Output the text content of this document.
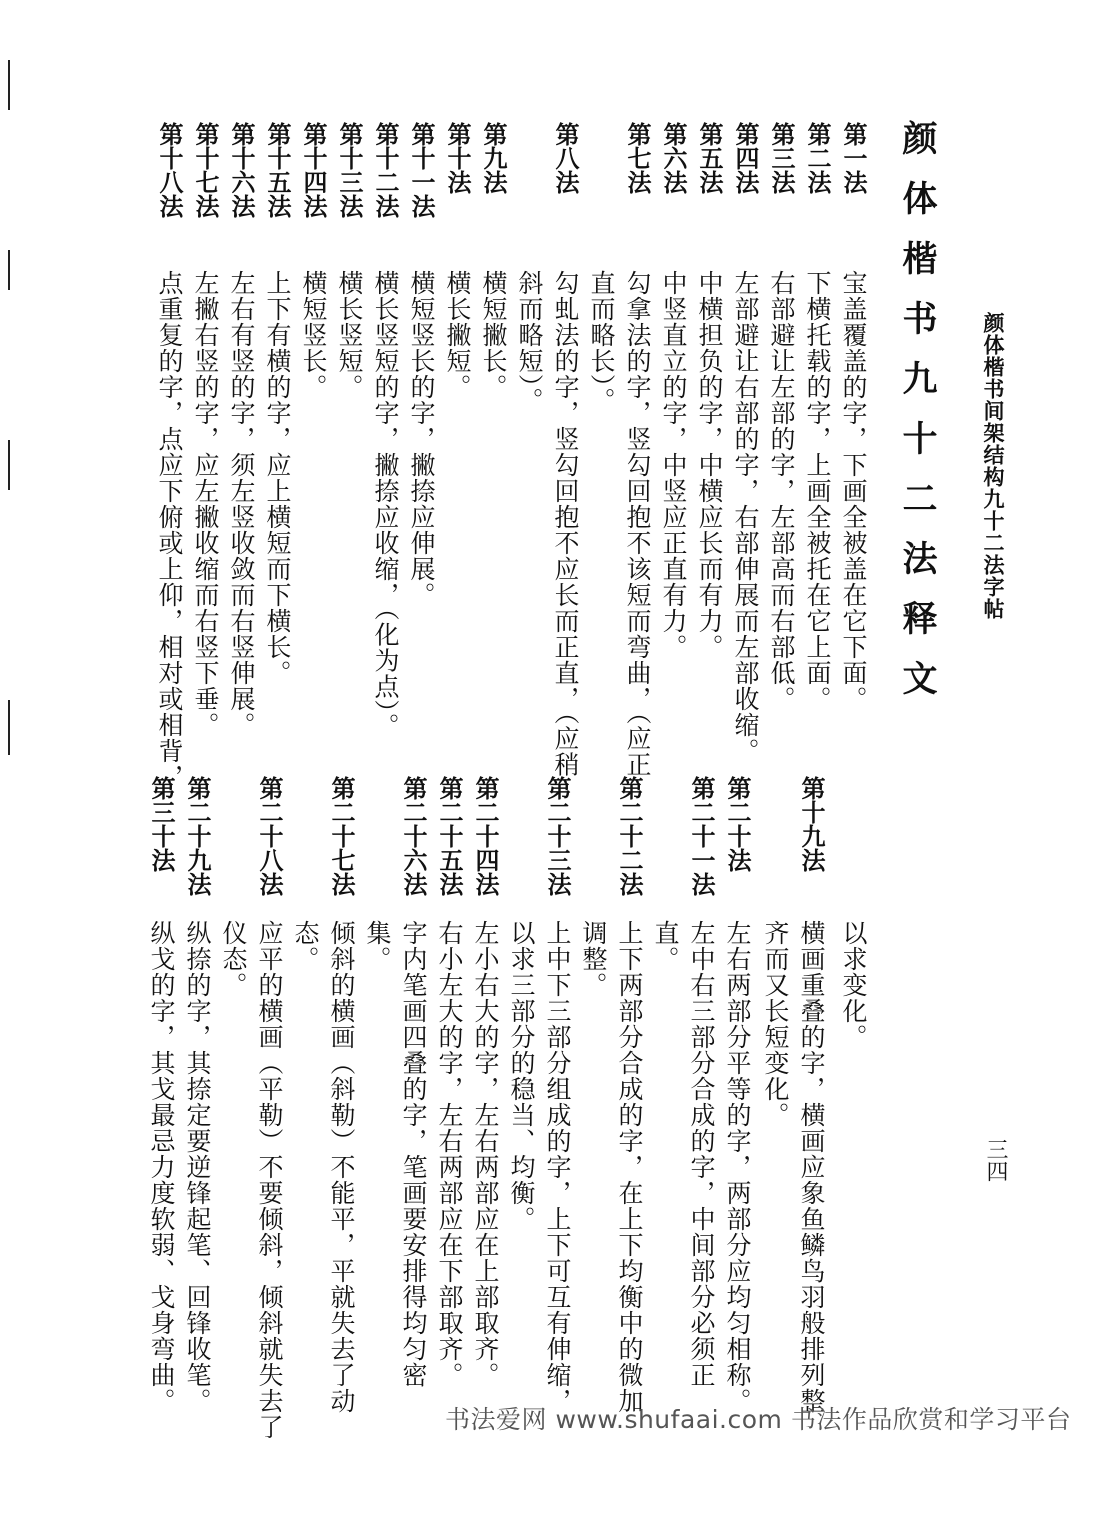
颜体楷书间架结构九十二法字帖
三四
颜体楷书九十二法释文
第一法
第二法
第三法
第四法
第五法
第六法
第七法
第八法
第九法
第十法
第十一法
第十二法
第十三法
第十四法
第十五法
第十六法
第十七法
第十八法
宝盖覆盖的字，下画全被盖在它下面。
下横托载的字，上画全被托在它上面。
右部避让左部的字，左部高而右部低。
左部避让右部的字，右部伸展而左部收缩。
中横担负的字，中横应长而有力。
中竖直立的字，中竖应正直有力。
勾拿法的字，竖勾回抱不该短而弯曲，（应正
直而略长）。
勾虬法的字，竖勾回抱不应长而正直，（应稍
斜而略短）。
横短撇长。
横长撇短。
横短竖长的字，撇捺应伸展。
横长竖短的字，撇捺应收缩，（化为点）。
横长竖短。
横短竖长。
上下有横的字，应上横短而下横长。
左右有竖的字，须左竖收敛而右竖伸展。
左撇右竖的字，应左撇收缩而右竖下垂。
点重复的字，点应下俯或上仰，相对或相背，
以求变化。
第十九法
第二十法
第二十一法
第二十二法
第二十三法
第二十四法
第二十五法
第二十六法
第二十七法
第二十八法
第二十九法
第三十法
横画重叠的字，横画应象鱼鳞鸟羽般排列整
齐而又长短变化。
左右两部分平等的字，两部分应均匀相称。
左中右三部分合成的字，中间部分必须正
直。
上下两部分合成的字，在上下均衡中的微加
调整。
上中下三部分组成的字，上下可互有伸缩，
以求三部分的稳当、均衡。
左小右大的字，左右两部应在上部取齐。
右小左大的字，左右两部应在下部取齐。
字内笔画四叠的字，笔画要安排得均匀密
集。
倾斜的横画（斜勒）不能平，平就失去了动
态。
应平的横画（平勒）不要倾斜，倾斜就失去了
仪态。
纵捺的字，其捺定要逆锋起笔、回锋收笔。
纵戈的字，其戈最忌力度软弱、戈身弯曲。
书法爱网 www.shufaai.com 书法作品欣赏和学习平台
